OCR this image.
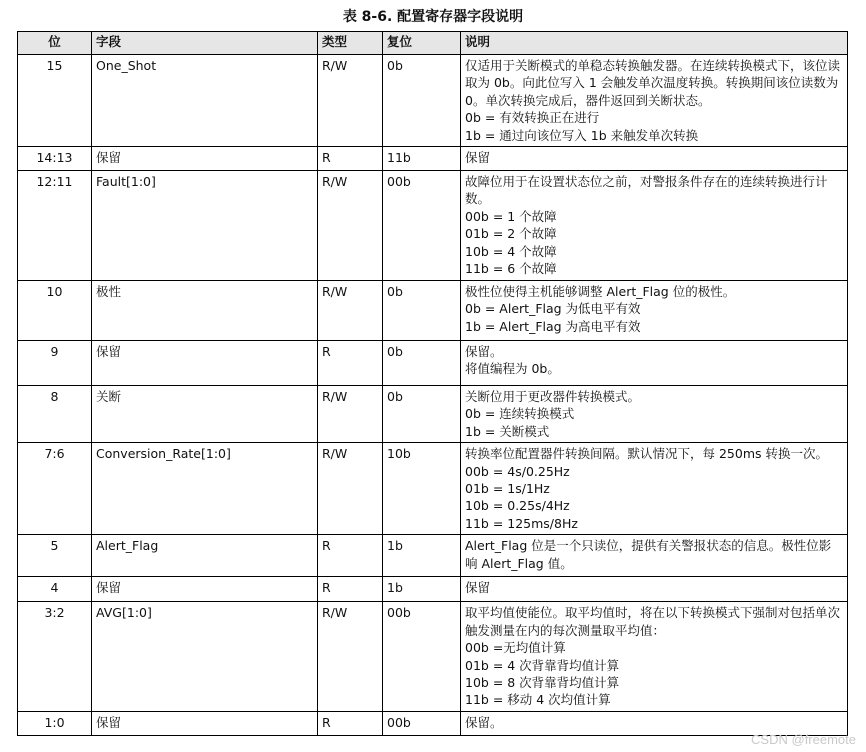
表 8-6. 配置寄存器字段说明
位	字段	类型	复位	说明
15	One_Shot	R/W	0b	仅适用于关断模式的单稳态转换触发器。在连续转换模式下，该位读取为 0b。向此位写入 1 会触发单次温度转换。转换期间该位读数为 0。单次转换完成后，器件返回到关断状态。
0b = 有效转换正在进行
1b = 通过向该位写入 1b 来触发单次转换

14:13	保留	R	11b	保留

12:11	Fault[1:0]	R/W	00b	故障位用于在设置状态位之前，对警报条件存在的连续转换进行计数。
00b = 1 个故障
01b = 2 个故障
10b = 4 个故障
11b = 6 个故障

10	极性	R/W	0b	极性位使得主机能够调整 Alert_Flag 位的极性。
0b = Alert_Flag 为低电平有效
1b = Alert_Flag 为高电平有效

9	保留	R	0b	保留。
将值编程为 0b。

8	关断	R/W	0b	关断位用于更改器件转换模式。
0b = 连续转换模式
1b = 关断模式

7:6	Conversion_Rate[1:0]	R/W	10b	转换率位配置器件转换间隔。默认情况下，每 250ms 转换一次。
00b = 4s/0.25Hz
01b = 1s/1Hz
10b = 0.25s/4Hz
11b = 125ms/8Hz

5	Alert_Flag	R	1b	Alert_Flag 位是一个只读位，提供有关警报状态的信息。极性位影响 Alert_Flag 值。

4	保留	R	1b	保留

3:2	AVG[1:0]	R/W	00b	取平均值使能位。取平均值时，将在以下转换模式下强制对包括单次触发测量在内的每次测量取平均值：
00b =无均值计算
01b = 4 次背靠背均值计算
10b = 8 次背靠背均值计算
11b = 移动 4 次均值计算

1:0	保留	R	00b	保留。
CSDN @freemote
